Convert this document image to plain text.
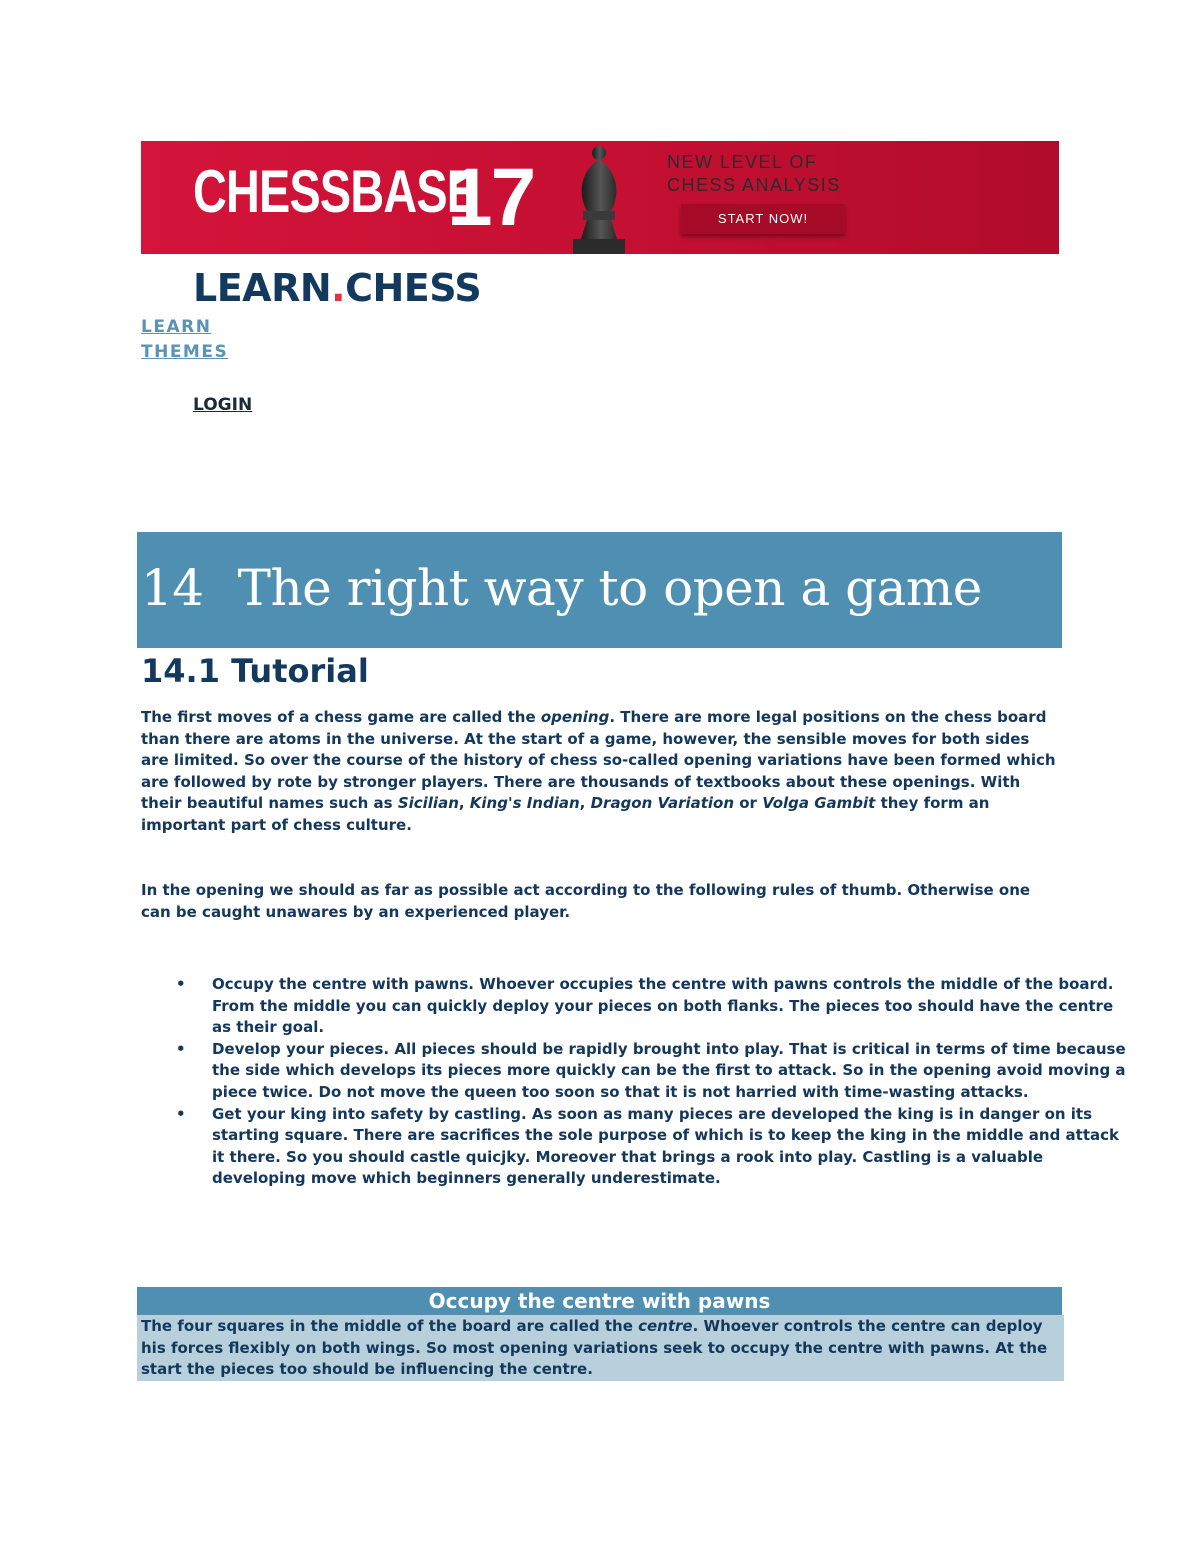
CHESSBASE
17	NEW LEVEL OF
CHESS ANALYSIS
START NOW!
LEARN.CHESS
LEARN
THEMES
LOGIN
14 The right way to open a game
14.1 Tutorial
The first moves of a chess game are called the opening. There are more legal positions on the chess board than there are atoms in the universe. At the start of a game, however, the sensible moves for both sides are limited. So over the course of the history of chess so-called opening variations have been formed which are followed by rote by stronger players. There are thousands of textbooks about these openings. With their beautiful names such as Sicilian, King's Indian, Dragon Variation or Volga Gambit they form an important part of chess culture.
In the opening we should as far as possible act according to the following rules of thumb. Otherwise one can be caught unawares by an experienced player.
• Occupy the centre with pawns. Whoever occupies the centre with pawns controls the middle of the board. From the middle you can quickly deploy your pieces on both flanks. The pieces too should have the centre as their goal.
• Develop your pieces. All pieces should be rapidly brought into play. That is critical in terms of time because the side which develops its pieces more quickly can be the first to attack. So in the opening avoid moving a piece twice. Do not move the queen too soon so that it is not harried with time-wasting attacks.
• Get your king into safety by castling. As soon as many pieces are developed the king is in danger on its starting square. There are sacrifices the sole purpose of which is to keep the king in the middle and attack it there. So you should castle quicjky. Moreover that brings a rook into play. Castling is a valuable developing move which beginners generally underestimate.
Occupy the centre with pawns
The four squares in the middle of the board are called the centre. Whoever controls the centre can deploy his forces flexibly on both wings. So most opening variations seek to occupy the centre with pawns. At the start the pieces too should be influencing the centre.
